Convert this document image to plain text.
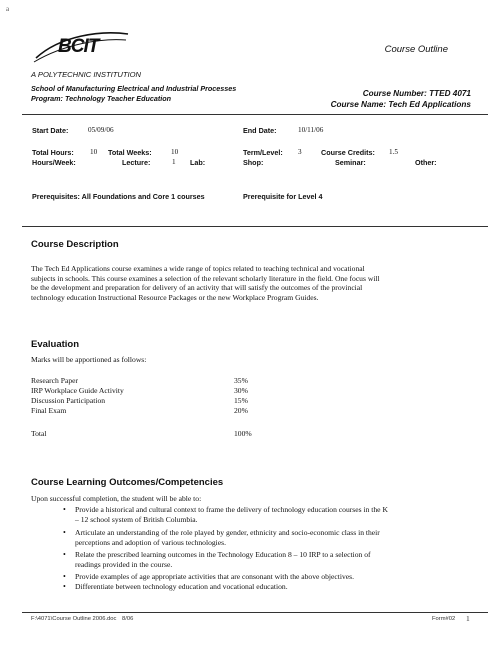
a
BCIT	Course Outline
A POLYTECHNIC INSTITUTION
School of Manufacturing Electrical and Industrial Processes
Program: Technology Teacher Education
Course Number: TTED 4071
Course Name: Tech Ed Applications
Start Date:	05/09/06	End Date:	10/11/06
Total Hours: 10 Total Weeks:	10	Term/Level: 3	Course Credits: 1.5
Hours/Week:	Lecture:	1 Lab:	Shop:	Seminar:	Other:
Prerequisites: All Foundations and Core 1 courses	Prerequisite for Level 4
Course Description
The Tech Ed Applications course examines a wide range of topics related to teaching technical and vocational
subjects in schools. This course examines a selection of the relevant scholarly literature in the field. One focus will
be the development and preparation for delivery of an activity that will satisfy the outcomes of the provincial
technology education Instructional Resource Packages or the new Workplace Program Guides.
Evaluation
Marks will be apportioned as follows:
Research Paper	35%
IRP Workplace Guide Activity	30%
Discussion Participation	15%
Final Exam	20%
Total	100%
Course Learning Outcomes/Competencies
Upon successful completion, the student will be able to:
• Provide a historical and cultural context to frame the delivery of technology education courses in the K
– 12 school system of British Columbia.
• Articulate an understanding of the role played by gender, ethnicity and socio-economic class in their
perceptions and adoption of various technologies.
• Relate the prescribed learning outcomes in the Technology Education 8 – 10 IRP to a selection of
readings provided in the course.
• Provide examples of age appropriate activities that are consonant with the above objectives.
• Differentiate between technology education and vocational education.
F:\4071\Course Outline 2006.doc 8/06	Form#02 1
